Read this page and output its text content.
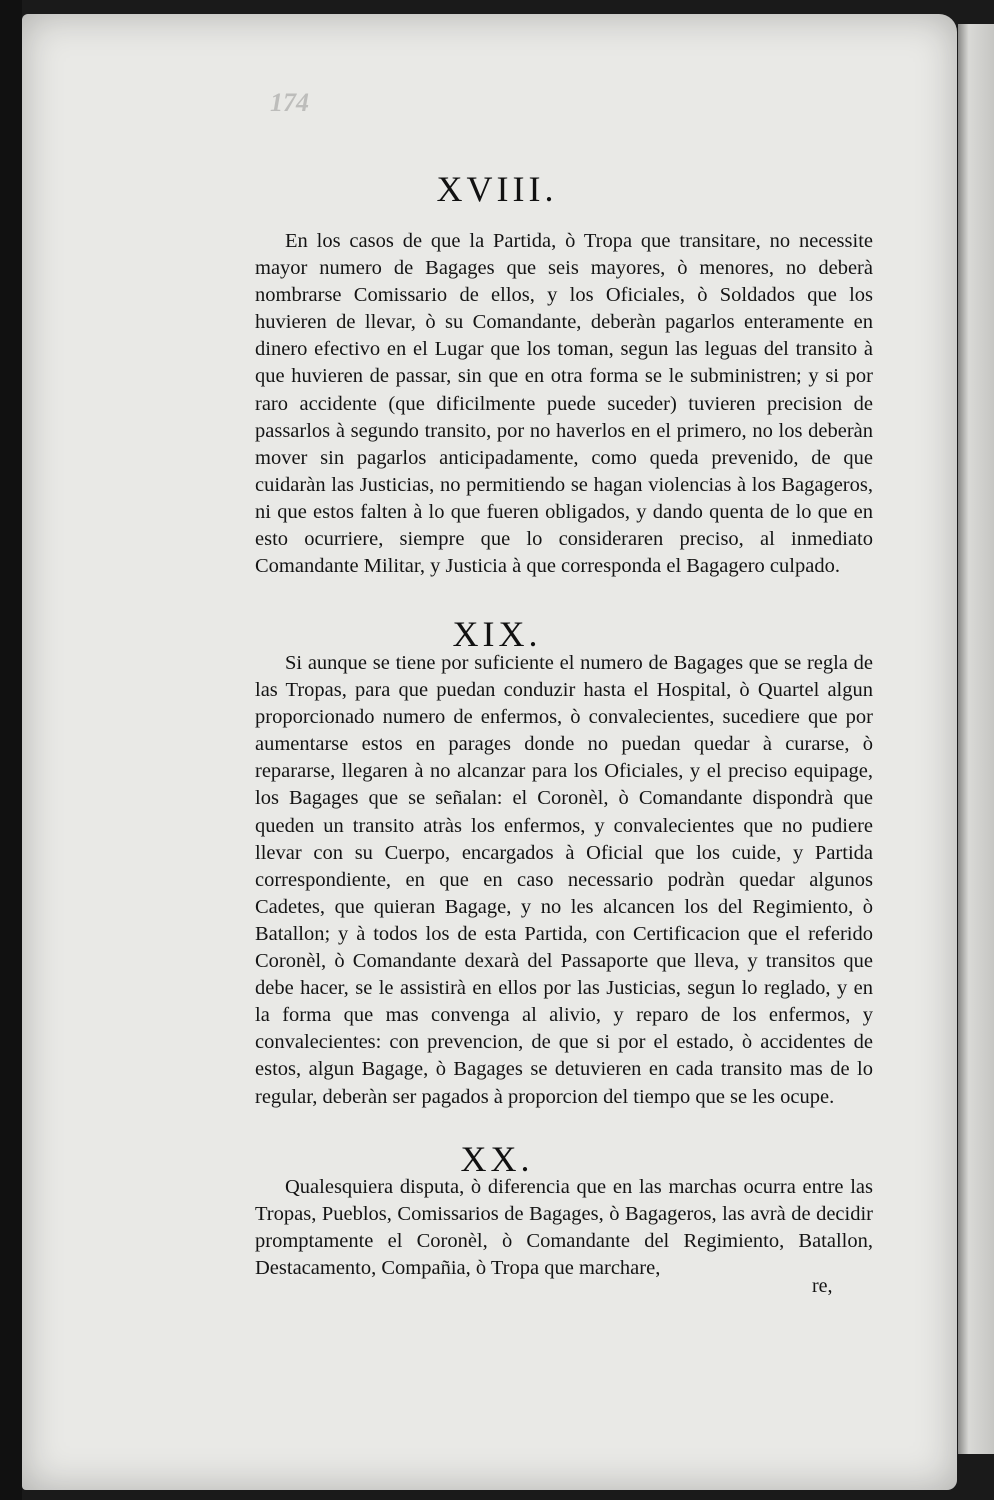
174
XVIII.
En los casos de que la Partida, ò Tropa que transitare, no necessite mayor numero de Bagages que seis mayores, ò menores, no deberà nombrarse Comissario de ellos, y los Oficiales, ò Soldados que los huvieren de llevar, ò su Comandante, deberàn pagarlos enteramente en dinero efectivo en el Lugar que los toman, segun las leguas del transito à que huvieren de passar, sin que en otra forma se le subministren; y si por raro accidente (que dificilmente puede suceder) tuvieren precision de passarlos à segundo transito, por no haverlos en el primero, no los deberàn mover sin pagarlos anticipadamente, como queda prevenido, de que cuidaràn las Justicias, no permitiendo se hagan violencias à los Bagageros, ni que estos falten à lo que fueren obligados, y dando quenta de lo que en esto ocurriere, siempre que lo consideraren preciso, al inmediato Comandante Militar, y Justicia à que corresponda el Bagagero culpado.
XIX.
Si aunque se tiene por suficiente el numero de Bagages que se regla de las Tropas, para que puedan conduzir hasta el Hospital, ò Quartel algun proporcionado numero de enfermos, ò convalecientes, sucediere que por aumentarse estos en parages donde no puedan quedar à curarse, ò repararse, llegaren à no alcanzar para los Oficiales, y el preciso equipage, los Bagages que se señalan: el Coronèl, ò Comandante dispondrà que queden un transito atràs los enfermos, y convalecientes que no pudiere llevar con su Cuerpo, encargados à Oficial que los cuide, y Partida correspondiente, en que en caso necessario podràn quedar algunos Cadetes, que quieran Bagage, y no les alcancen los del Regimiento, ò Batallon; y à todos los de esta Partida, con Certificacion que el referido Coronèl, ò Comandante dexarà del Passaporte que lleva, y transitos que debe hacer, se le assistirà en ellos por las Justicias, segun lo reglado, y en la forma que mas convenga al alivio, y reparo de los enfermos, y convalecientes: con prevencion, de que si por el estado, ò accidentes de estos, algun Bagage, ò Bagages se detuvieren en cada transito mas de lo regular, deberàn ser pagados à proporcion del tiempo que se les ocupe.
XX.
Qualesquiera disputa, ò diferencia que en las marchas ocurra entre las Tropas, Pueblos, Comissarios de Bagages, ò Bagageros, las avrà de decidir promptamente el Coronèl, ò Comandante del Regimiento, Batallon, Destacamento, Compañia, ò Tropa que marchare,
re,
